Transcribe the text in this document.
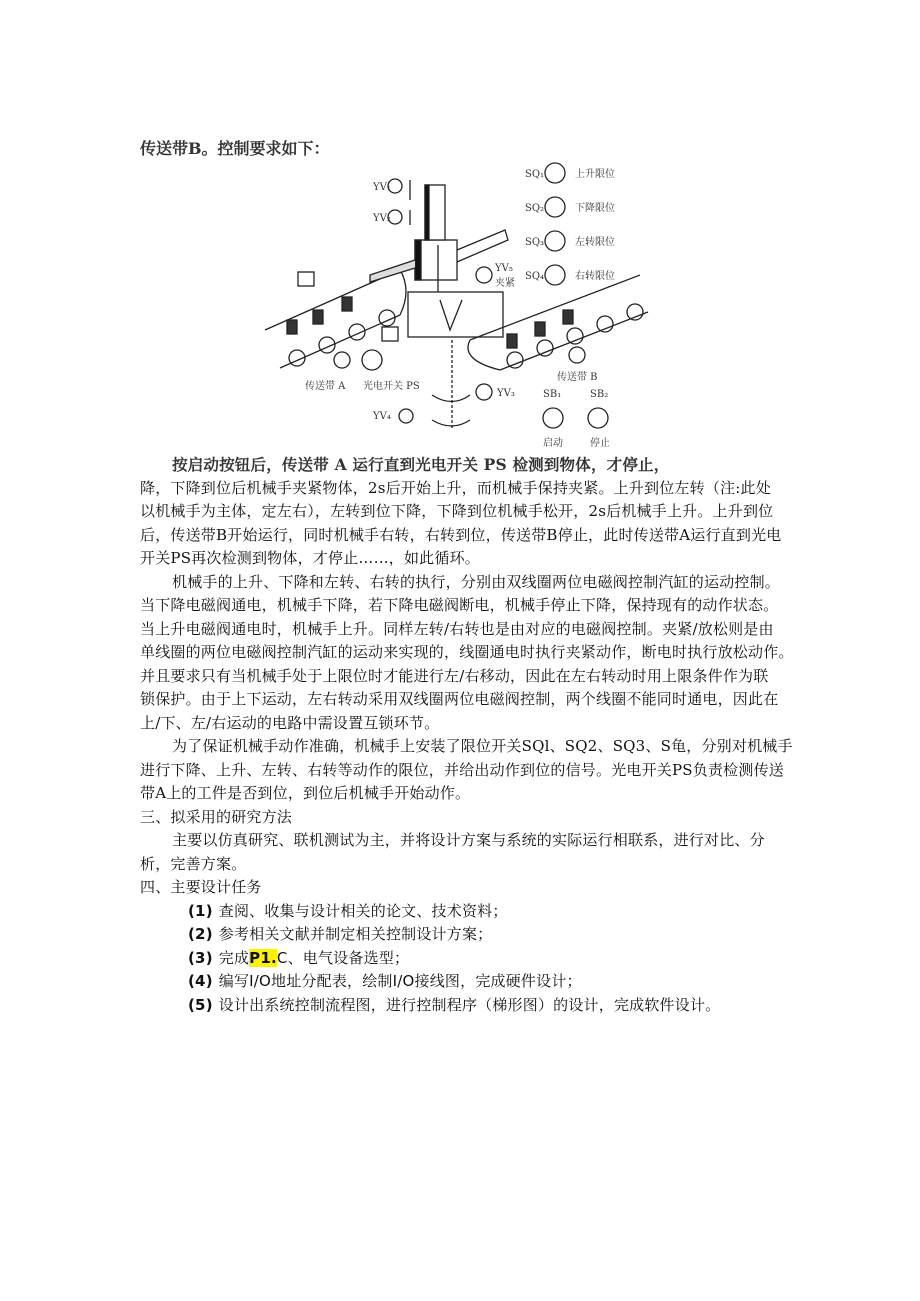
传送带B。控制要求如下：
YV₁
YV₂
SQ₁
SQ₂
SQ₃
SQ₄
上升限位
下降限位
左转限位
右转限位
YV₅
夹紧
传送带 A 光电开关 PS
YV₃
YV₄
传送带 B
SB₁	SB₂
启动	停止
按启动按钮后，传送带 A 运行直到光电开关 PS 检测到物体，才停止，
降，下降到位后机械手夹紧物体，2s后开始上升，而机械手保持夹紧。上升到位左转（注:此处
以机械手为主体，定左右），左转到位下降，下降到位机械手松开，2s后机械手上升。上升到位
后，传送带B开始运行，同时机械手右转，右转到位，传送带B停止，此时传送带A运行直到光电
开关PS再次检测到物体，才停止……，如此循环。
机械手的上升、下降和左转、右转的执行，分别由双线圈两位电磁阀控制汽缸的运动控制。
当下降电磁阀通电，机械手下降，若下降电磁阀断电，机械手停止下降，保持现有的动作状态。
当上升电磁阀通电时，机械手上升。同样左转/右转也是由对应的电磁阀控制。夹紧/放松则是由
单线圈的两位电磁阀控制汽缸的运动来实现的，线圈通电时执行夹紧动作，断电时执行放松动作。
并且要求只有当机械手处于上限位时才能进行左/右移动，因此在左右转动时用上限条件作为联
锁保护。由于上下运动，左右转动采用双线圈两位电磁阀控制，两个线圈不能同时通电，因此在
上/下、左/右运动的电路中需设置互锁环节。
为了保证机械手动作准确，机械手上安装了限位开关SQl、SQ2、SQ3、S龟，分别对机械手
进行下降、上升、左转、右转等动作的限位，并给出动作到位的信号。光电开关PS负责检测传送
带A上的工件是否到位，到位后机械手开始动作。
三、拟采用的研究方法
主要以仿真研究、联机测试为主，并将设计方案与系统的实际运行相联系，进行对比、分
析，完善方案。
四、主要设计任务
(1) 查阅、收集与设计相关的论文、技术资料；
(2) 参考相关文献并制定相关控制设计方案；
(3) 完成P1.C、电气设备选型；
(4) 编写I/O地址分配表，绘制I/O接线图，完成硬件设计；
(5) 设计出系统控制流程图，进行控制程序（梯形图）的设计，完成软件设计。
